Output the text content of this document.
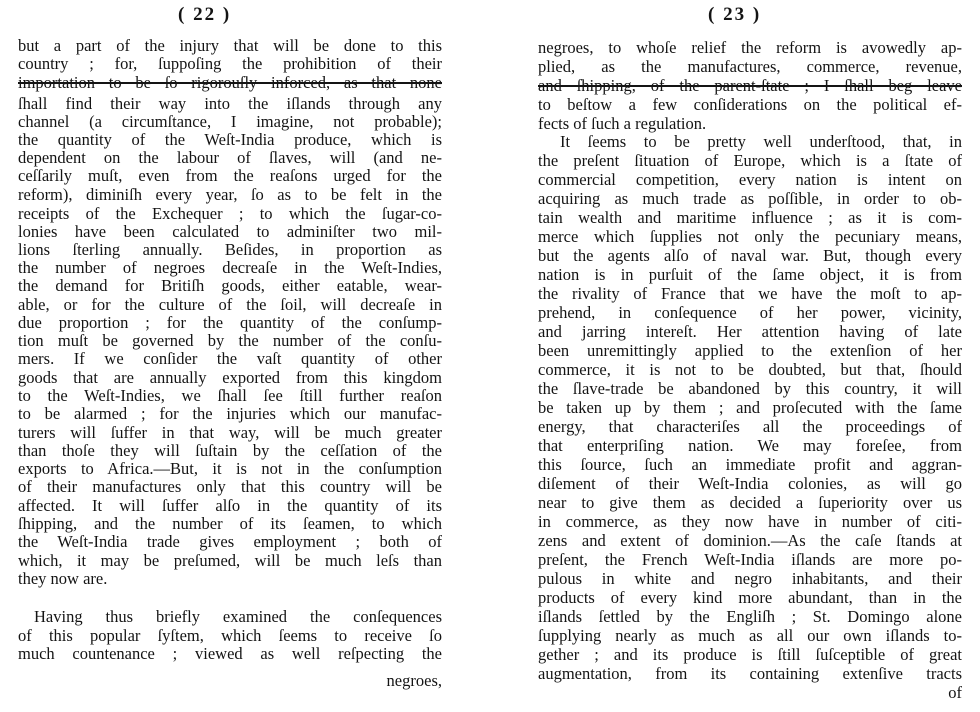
( 22 )
but a part of the injury that will be done to this
country ; for, ſuppoſing the prohibition of their
importation to be ſo rigorouſly inforced, as that none
ſhall find their way into the iſlands through any
channel (a circumſtance, I imagine, not probable);
the quantity of the Weſt-India produce, which is
dependent on the labour of ſlaves, will (and ne-
ceſſarily muſt, even from the reaſons urged for the
reform), diminiſh every year, ſo as to be felt in the
receipts of the Exchequer ; to which the ſugar-co-
lonies have been calculated to adminiſter two mil-
lions ſterling annually. Beſides, in proportion as
the number of negroes decreaſe in the Weſt-Indies,
the demand for Britiſh goods, either eatable, wear-
able, or for the culture of the ſoil, will decreaſe in
due proportion ; for the quantity of the conſump-
tion muſt be governed by the number of the conſu-
mers. If we conſider the vaſt quantity of other
goods that are annually exported from this kingdom
to the Weſt-Indies, we ſhall ſee ſtill further reaſon
to be alarmed ; for the injuries which our manufac-
turers will ſuffer in that way, will be much greater
than thoſe they will ſuſtain by the ceſſation of the
exports to Africa.—But, it is not in the conſumption
of their manufactures only that this country will be
affected. It will ſuffer alſo in the quantity of its
ſhipping, and the number of its ſeamen, to which
the Weſt-India trade gives employment ; both of
which, it may be preſumed, will be much leſs than
they now are.
Having thus briefly examined the conſequences
of this popular ſyſtem, which ſeems to receive ſo
much countenance ; viewed as well reſpecting the
negroes,
( 23 )
negroes, to whoſe relief the reform is avowedly ap-
plied, as the manufactures, commerce, revenue,
and ſhipping, of the parent-ſtate ; I ſhall beg leave
to beſtow a few conſiderations on the political ef-
fects of ſuch a regulation.
It ſeems to be pretty well underſtood, that, in
the preſent ſituation of Europe, which is a ſtate of
commercial competition, every nation is intent on
acquiring as much trade as poſſible, in order to ob-
tain wealth and maritime influence ; as it is com-
merce which ſupplies not only the pecuniary means,
but the agents alſo of naval war. But, though every
nation is in purſuit of the ſame object, it is from
the rivality of France that we have the moſt to ap-
prehend, in conſequence of her power, vicinity,
and jarring intereſt. Her attention having of late
been unremittingly applied to the extenſion of her
commerce, it is not to be doubted, but that, ſhould
the ſlave-trade be abandoned by this country, it will
be taken up by them ; and proſecuted with the ſame
energy, that characteriſes all the proceedings of
that enterpriſing nation. We may foreſee, from
this ſource, ſuch an immediate profit and aggran-
diſement of their Weſt-India colonies, as will go
near to give them as decided a ſuperiority over us
in commerce, as they now have in number of citi-
zens and extent of dominion.—As the caſe ſtands at
preſent, the French Weſt-India iſlands are more po-
pulous in white and negro inhabitants, and their
products of every kind more abundant, than in the
iſlands ſettled by the Engliſh ; St. Domingo alone
ſupplying nearly as much as all our own iſlands to-
gether ; and its produce is ſtill ſuſceptible of great
augmentation, from its containing extenſive tracts
of
